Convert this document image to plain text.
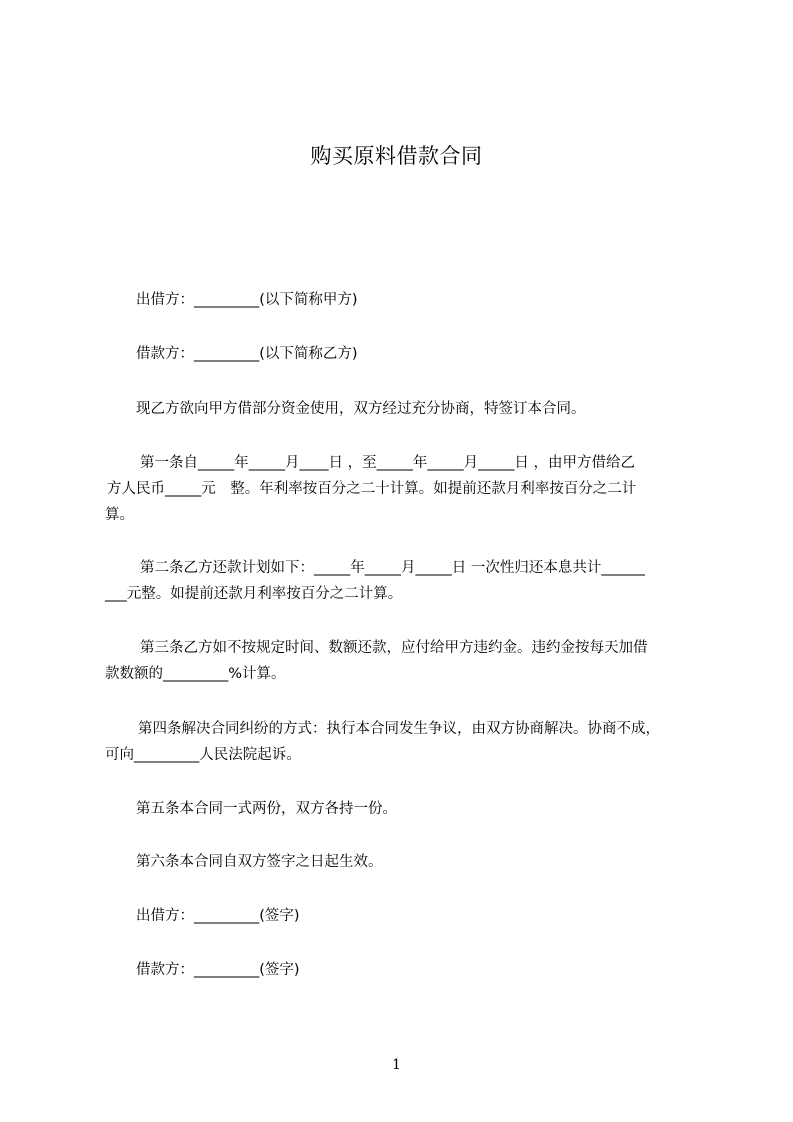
购买原料借款合同
出借方：_________(以下简称甲方)
借款方：_________(以下简称乙方)
现乙方欲向甲方借部分资金使用，双方经过充分协商，特签订本合同。
第一条自_____年_____月____日 ，至_____年_____月_____日 ，由甲方借给乙
方人民币_____元　整。年利率按百分之二十计算。如提前还款月利率按百分之二计
算。
第二条乙方还款计划如下：_____年_____月_____日 一次性归还本息共计______
___元整。如提前还款月利率按百分之二计算。
第三条乙方如不按规定时间、数额还款，应付给甲方违约金。违约金按每天加借
款数额的_________%计算。
第四条解决合同纠纷的方式：执行本合同发生争议，由双方协商解决。协商不成，
可向_________人民法院起诉。
第五条本合同一式两份，双方各持一份。
第六条本合同自双方签字之日起生效。
出借方：_________(签字)
借款方：_________(签字)
1
